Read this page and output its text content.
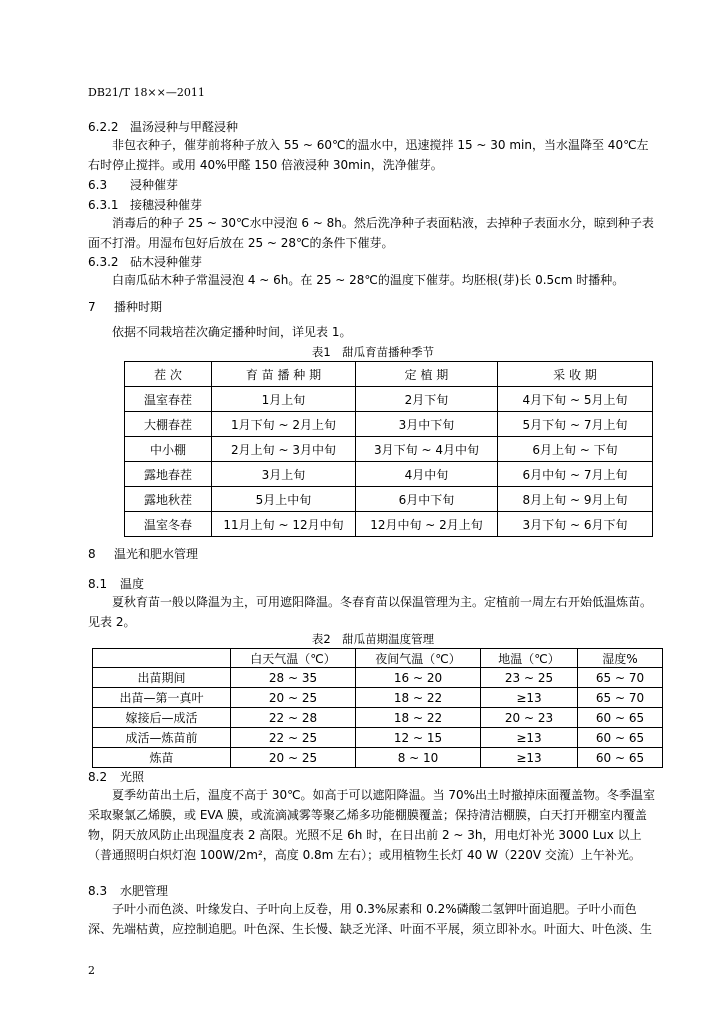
DB21/T 18××—2011
6.2.2 温汤浸种与甲醛浸种
非包衣种子，催芽前将种子放入 55 ~ 60℃的温水中，迅速搅拌 15 ~ 30 min，当水温降至 40℃左右时停止搅拌。或用 40%甲醛 150 倍液浸种 30min，洗净催芽。
6.3 浸种催芽
6.3.1 接穗浸种催芽
消毒后的种子 25 ~ 30℃水中浸泡 6 ~ 8h。然后洗净种子表面粘液，去掉种子表面水分，晾到种子表面不打滑。用湿布包好后放在 25 ~ 28℃的条件下催芽。
6.3.2 砧木浸种催芽
白南瓜砧木种子常温浸泡 4 ~ 6h。在 25 ~ 28℃的温度下催芽。均胚根(芽)长 0.5cm 时播种。
7 播种时期
依据不同栽培茬次确定播种时间，详见表 1。
表1　甜瓜育苗播种季节
茬 次	育 苗 播 种 期	定 植 期	采 收 期
温室春茬	1月上旬	2月下旬	4月下旬 ~ 5月上旬
大棚春茬	1月下旬 ~ 2月上旬	3月中下旬	5月下旬 ~ 7月上旬
中小棚	2月上旬 ~ 3月中旬	3月下旬 ~ 4月中旬	6月上旬 ~ 下旬
露地春茬	3月上旬	4月中旬	6月中旬 ~ 7月上旬
露地秋茬	5月上中旬	6月中下旬	8月上旬 ~ 9月上旬
温室冬春	11月上旬 ~ 12月中旬	12月中旬 ~ 2月上旬	3月下旬 ~ 6月下旬
8 温光和肥水管理
8.1 温度
夏秋育苗一般以降温为主，可用遮阳降温。冬春育苗以保温管理为主。定植前一周左右开始低温炼苗。见表 2。
表2　甜瓜苗期温度管理
	白天气温（℃）	夜间气温（℃）	地温（℃）	湿度%
出苗期间	28 ~ 35	16 ~ 20	23 ~ 25	65 ~ 70
出苗—第一真叶	20 ~ 25	18 ~ 22	≥13	65 ~ 70
嫁接后—成活	22 ~ 28	18 ~ 22	20 ~ 23	60 ~ 65
成活—炼苗前	22 ~ 25	12 ~ 15	≥13	60 ~ 65
炼苗	20 ~ 25	8 ~ 10	≥13	60 ~ 65
8.2 光照
夏季幼苗出土后，温度不高于 30℃。如高于可以遮阳降温。当 70%出土时撤掉床面覆盖物。冬季温室采取聚氯乙烯膜，或 EVA 膜，或流滴减雾等聚乙烯多功能棚膜覆盖；保持清洁棚膜，白天打开棚室内覆盖物，阴天放风防止出现温度表 2 高限。光照不足 6h 时，在日出前 2 ~ 3h，用电灯补光 3000 Lux 以上（普通照明白炽灯泡 100W/2m²，高度 0.8m 左右）；或用植物生长灯 40 W（220V 交流）上午补光。
8.3 水肥管理
子叶小而色淡、叶缘发白、子叶向上反卷，用 0.3%尿素和 0.2%磷酸二氢钾叶面追肥。子叶小而色深、先端枯黄，应控制追肥。叶色深、生长慢、缺乏光泽、叶面不平展，须立即补水。叶面大、叶色淡、生
2
